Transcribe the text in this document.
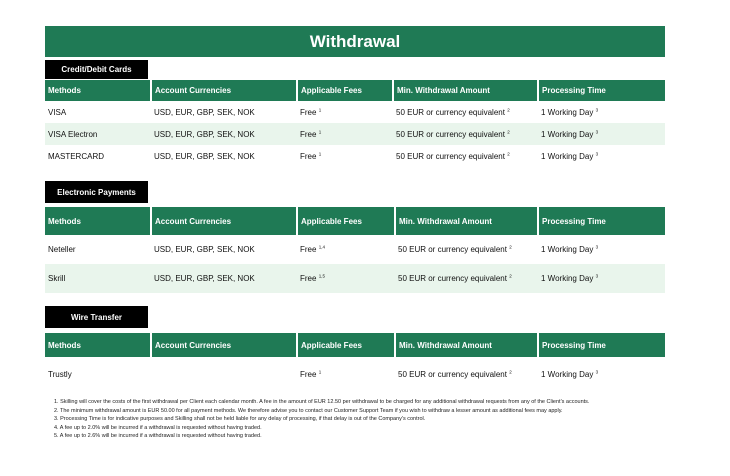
Withdrawal
Credit/Debit Cards
Methods	Account Currencies	Applicable Fees	Min. Withdrawal Amount	Processing Time
VISA	USD, EUR, GBP, SEK, NOK	Free $^1$	50 EUR or currency equivalent $^2$	1 Working Day $^3$
VISA Electron	USD, EUR, GBP, SEK, NOK	Free $^1$	50 EUR or currency equivalent $^2$	1 Working Day $^3$
MASTERCARD	USD, EUR, GBP, SEK, NOK	Free $^1$	50 EUR or currency equivalent $^2$	1 Working Day $^3$
Electronic Payments
Methods	Account Currencies	Applicable Fees	Min. Withdrawal Amount	Processing Time
Neteller	USD, EUR, GBP, SEK, NOK	Free $^{1,4}$	50 EUR or currency equivalent $^2$	1 Working Day $^3$
Skrill	USD, EUR, GBP, SEK, NOK	Free $^{1,5}$	50 EUR or currency equivalent $^2$	1 Working Day $^3$
Wire Transfer
Methods	Account Currencies	Applicable Fees	Min. Withdrawal Amount	Processing Time
Trustly		Free $^1$	50 EUR or currency equivalent $^2$	1 Working Day $^3$

1. Skilling will cover the costs of the first withdrawal per Client each calendar month. A fee in the amount of EUR 12.50 per withdrawal to be charged for any additional withdrawal requests from any of the Client's accounts.

2. The minimum withdrawal amount is EUR 50.00 for all payment methods. We therefore advise you to contact our Customer Support Team if you wish to withdraw a lesser amount as additional fees may apply.

3. Processing Time is for indicative purposes and Skilling shall not be held liable for any delay of processing, if that delay is out of the Company's control.

4. A fee up to 2.0% will be incurred if a withdrawal is requested without having traded.

5. A fee up to 2.6% will be incurred if a withdrawal is requested without having traded.
